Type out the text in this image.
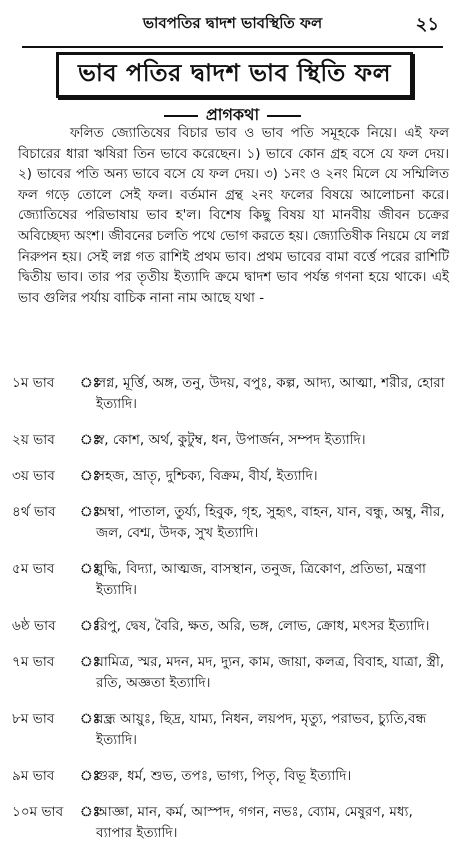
ভাবপতির দ্বাদশ ভাবস্থিতি ফল	২১
ভাব পতির দ্বাদশ ভাব স্থিতি ফল
প্রাগকথা
ফলিত জ্যোতিষের বিচার ভাব ও ভাব পতি সমূহকে নিয়ে। এই ফল বিচারের ধারা ঋষিরা তিন ভাবে করেছেন। ১) ভাবে কোন গ্রহ বসে যে ফল দেয়। ২) ভাবের পতি অন্য ভাবে বসে যে ফল দেয়। ৩) ১নং ও ২নং মিলে যে সম্মিলিত ফল গড়ে তোলে সেই ফল। বর্তমান গ্রন্থ ২নং ফলের বিষয়ে আলোচনা করে। জ্যোতিষের পরিভাষায় ভাব হ'ল। বিশেষ কিছু বিষয় যা মানবীয় জীবন চক্রের অবিচ্ছেদ্য অংশ। জীবনের চলতি পথে ভোগ করতে হয়। জ্যোতিষীক নিয়মে যে লগ্ন নিরুপন হয়। সেই লগ্ন গত রাশিই প্রথম ভাব। প্রথম ভাবের বামা বর্ত্তে পরের রাশিটি দ্বিতীয় ভাব। তার পর তৃতীয় ইত্যাদি ক্রমে দ্বাদশ ভাব পর্যন্ত গণনা হয়ে থাকে। এই ভাব গুলির পর্যায় বাচিক নানা নাম আছে যথা -
১ম ভাব	ঃ
লগ্ন, মূর্ত্তি, অঙ্গ, তনু, উদয়, বপুঃ, কল্প, আদ্য, আত্মা, শরীর, হোরা ইত্যাদি।
২য় ভাব	ঃ
স্ব, কোশ, অর্থ, কুটুম্ব, ধন, উপার্জন, সম্পদ ইত্যাদি।
৩য় ভাব	ঃ
সহজ, ভ্রাতৃ, দুশ্চিক্য, বিক্রম, বীর্য, ইত্যাদি।
৪র্থ ভাব	ঃ
অম্বা, পাতাল, তুর্য্য, হিবুক, গৃহ, সুহৃৎ, বাহন, যান, বন্ধু, অম্বু, নীর, জল, বেশ্ম, উদক, সুখ ইত্যাদি।
৫ম ভাব	ঃ
বুদ্ধি, বিদ্যা, আত্মজ, বাসস্থান, তনুজ, ত্রিকোণ, প্রতিভা, মন্ত্রণা ইত্যাদি।
৬ষ্ঠ ভাব	ঃ
রিপু, দ্বেষ, বৈরি, ক্ষত, অরি, ভঙ্গ, লোভ, ক্রোধ, মৎসর ইত্যাদি।
৭ম ভাব	ঃ
যামিত্র, স্মর, মদন, মদ, দ্যুন, কাম, জায়া, কলত্র, বিবাহ, যাত্রা, স্ত্রী, রতি, অজ্ঞতা ইত্যাদি।
৮ম ভাব	ঃ
রন্ধ্র আয়ুঃ, ছিদ্র, যাম্য, নিধন, লয়পদ, মৃত্যু, পরাভব, চ্যুতি,বন্ধ ইত্যাদি।
৯ম ভাব	ঃ
গুরু, ধর্ম, শুভ, তপঃ, ভাগ্য, পিতৃ, বিভূ ইত্যাদি।
১০ম ভাব	ঃ
আজ্ঞা, মান, কর্ম, আস্পদ, গগন, নভঃ, ব্যোম, মেষুরণ, মধ্য, ব্যাপার ইত্যাদি।
